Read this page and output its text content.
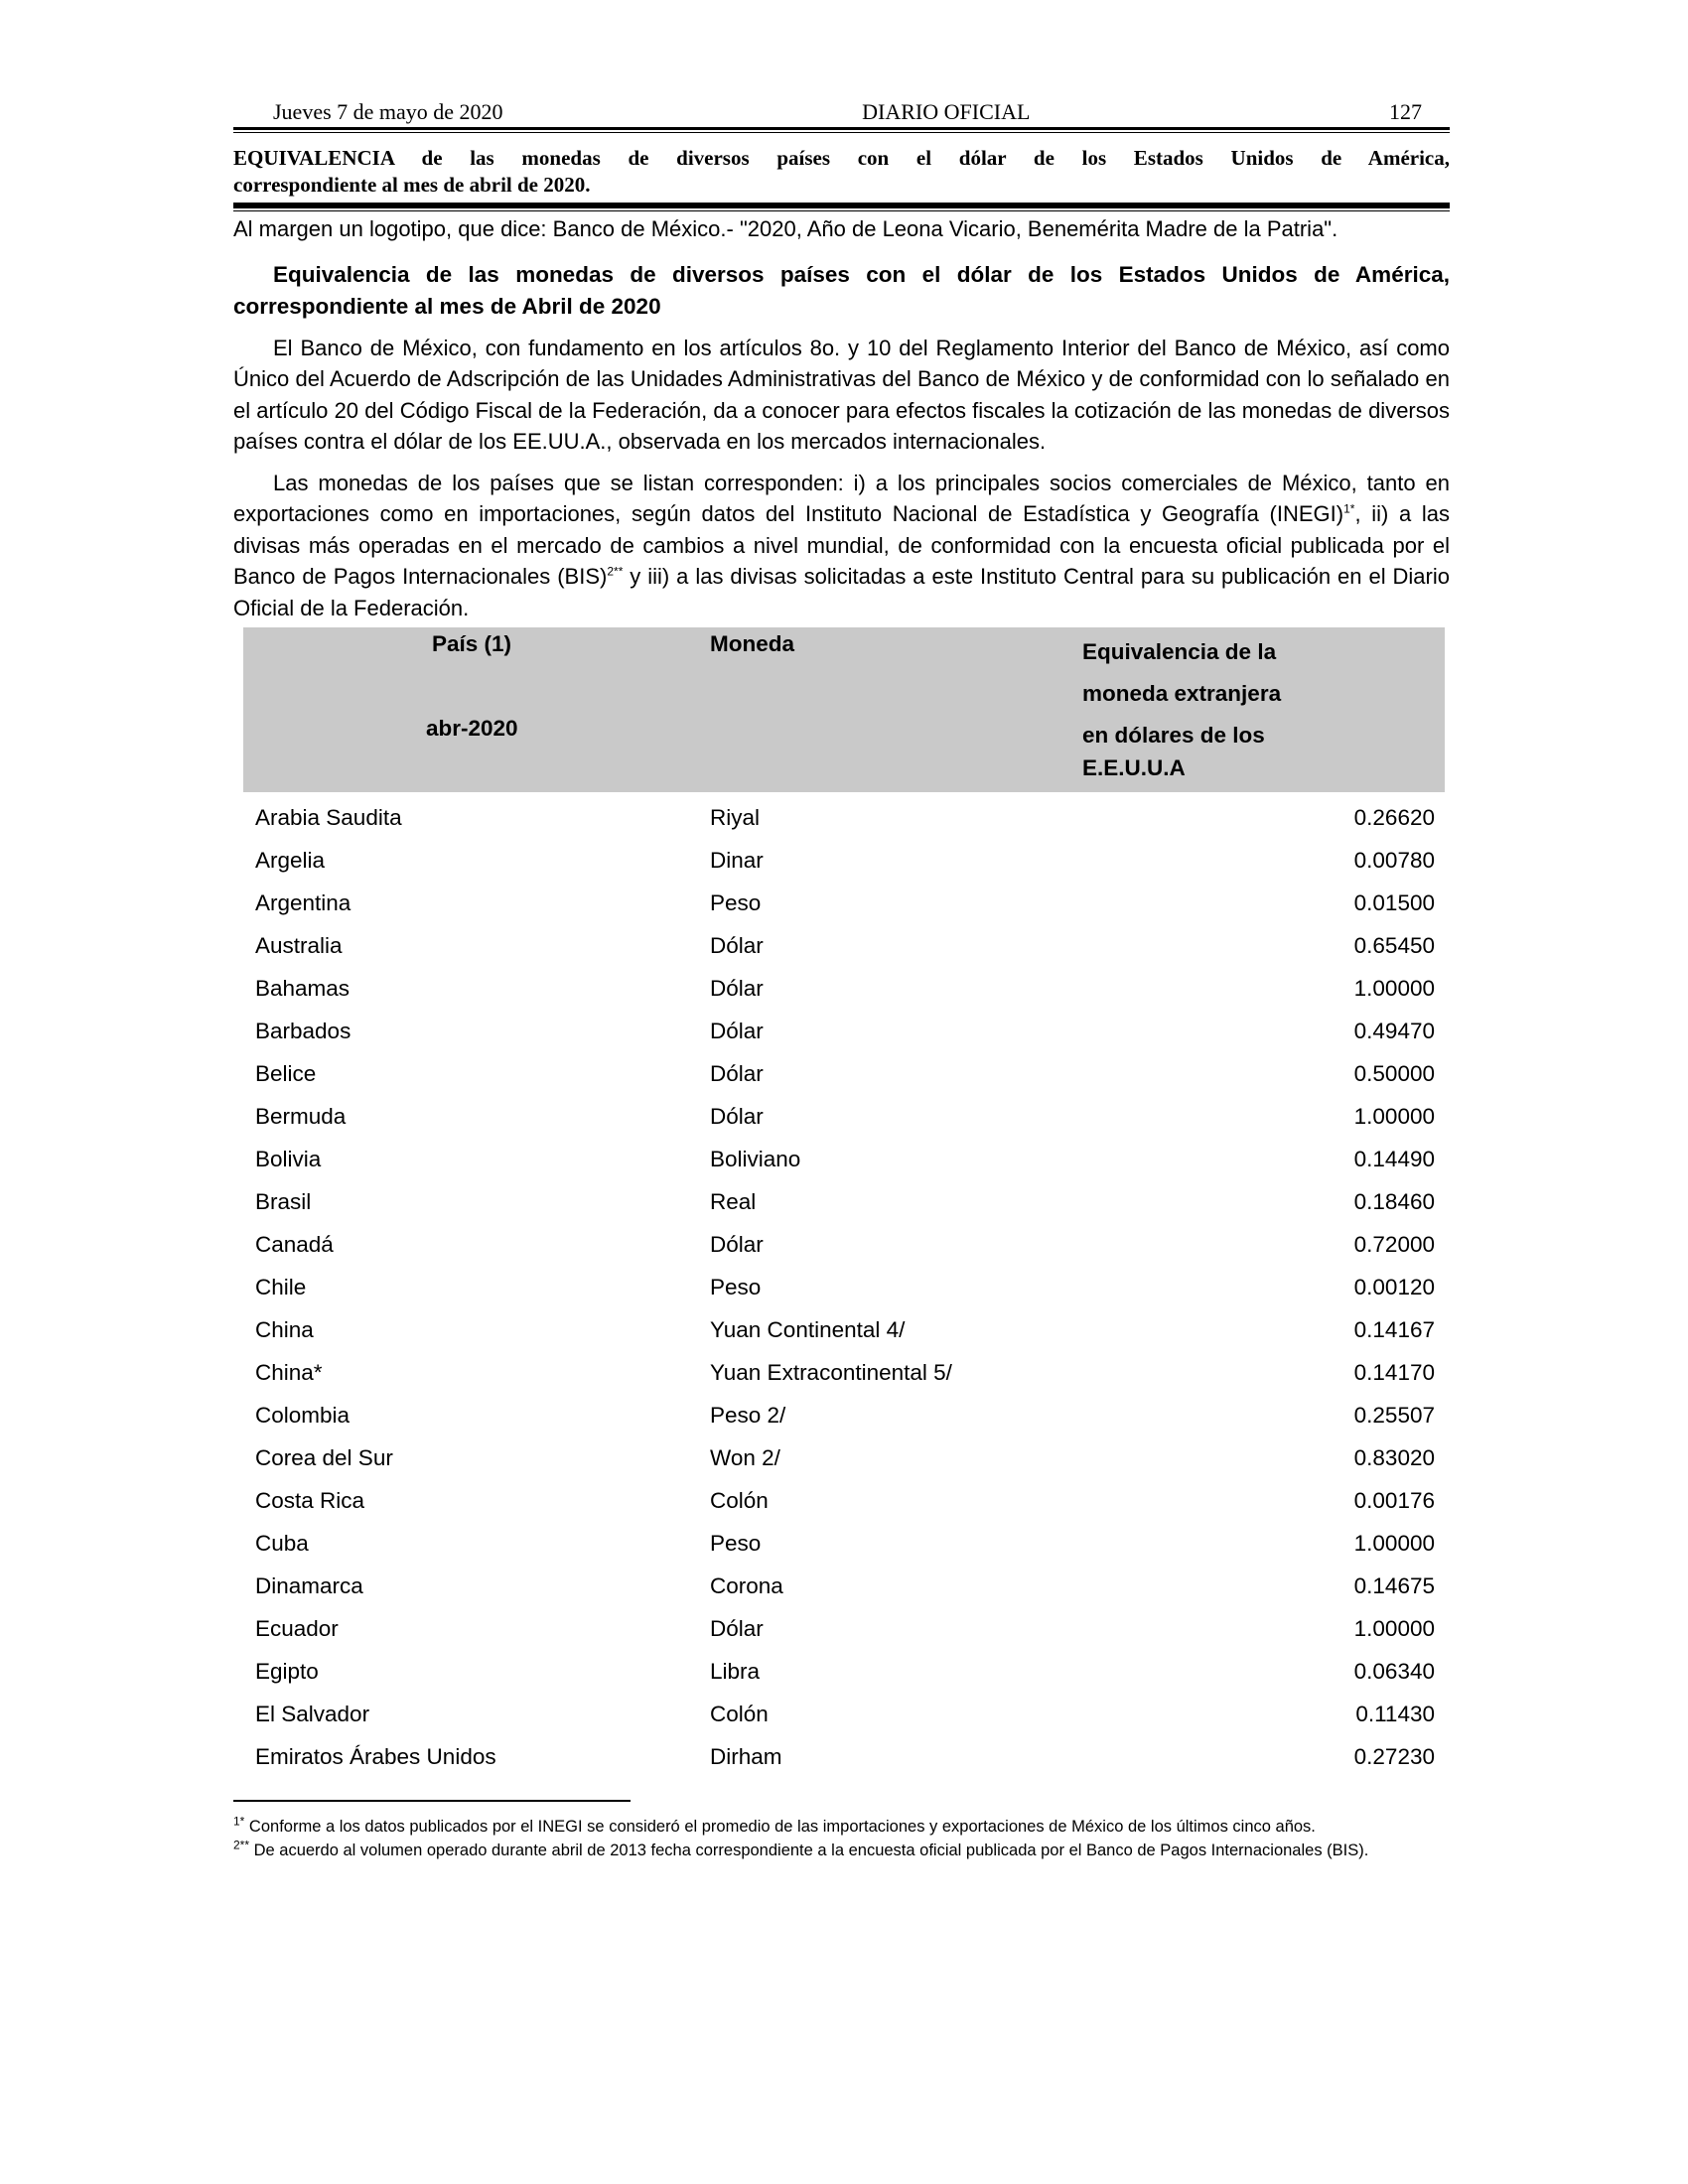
Jueves 7 de mayo de 2020	DIARIO OFICIAL	127
EQUIVALENCIA de las monedas de diversos países con el dólar de los Estados Unidos de América,
correspondiente al mes de abril de 2020.
Al margen un logotipo, que dice: Banco de México.- "2020, Año de Leona Vicario, Benemérita Madre de la Patria".
Equivalencia de las monedas de diversos países con el dólar de los Estados Unidos de América, correspondiente al mes de Abril de 2020
El Banco de México, con fundamento en los artículos 8o. y 10 del Reglamento Interior del Banco de México, así como Único del Acuerdo de Adscripción de las Unidades Administrativas del Banco de México y de conformidad con lo señalado en el artículo 20 del Código Fiscal de la Federación, da a conocer para efectos fiscales la cotización de las monedas de diversos países contra el dólar de los EE.UU.A., observada en los mercados internacionales.
Las monedas de los países que se listan corresponden: i) a los principales socios comerciales de México, tanto en exportaciones como en importaciones, según datos del Instituto Nacional de Estadística y Geografía (INEGI)$^{1*}$, ii) a las divisas más operadas en el mercado de cambios a nivel mundial, de conformidad con la encuesta oficial publicada por el Banco de Pagos Internacionales (BIS)$^{2**}$ y iii) a las divisas solicitadas a este Instituto Central para su publicación en el Diario Oficial de la Federación.
País (1)
abr-2020
Moneda	Equivalencia de la
moneda extranjera
en dólares de los
E.E.U.U.A
Arabia Saudita	Riyal	0.26620
Argelia	Dinar	0.00780
Argentina	Peso	0.01500
Australia	Dólar	0.65450
Bahamas	Dólar	1.00000
Barbados	Dólar	0.49470
Belice	Dólar	0.50000
Bermuda	Dólar	1.00000
Bolivia	Boliviano	0.14490
Brasil	Real	0.18460
Canadá	Dólar	0.72000
Chile	Peso	0.00120
China	Yuan Continental 4/	0.14167
China*	Yuan Extracontinental 5/	0.14170
Colombia	Peso 2/	0.25507
Corea del Sur	Won 2/	0.83020
Costa Rica	Colón	0.00176
Cuba	Peso	1.00000
Dinamarca	Corona	0.14675
Ecuador	Dólar	1.00000
Egipto	Libra	0.06340
El Salvador	Colón	0.11430
Emiratos Árabes Unidos	Dirham	0.27230
$^{1*}$ Conforme a los datos publicados por el INEGI se consideró el promedio de las importaciones y exportaciones de México de los últimos cinco años.
$^{2**}$ De acuerdo al volumen operado durante abril de 2013 fecha correspondiente a la encuesta oficial publicada por el Banco de Pagos Internacionales (BIS).
